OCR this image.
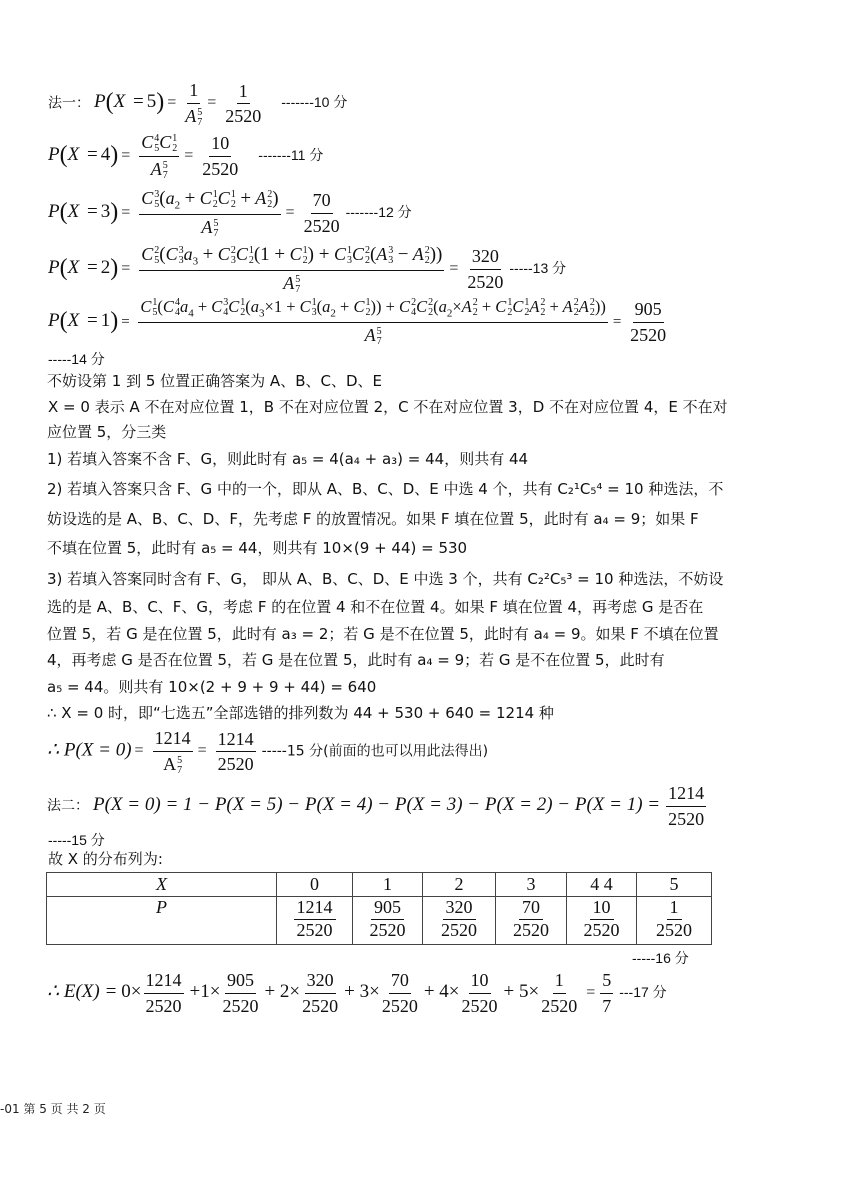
法一： P(X = 5) = 1
A 5
$7 = \frac{1}{2520} -------10$ 分
P(X = 4) = C 4
5 C 1
2
A 5
$7 = \frac{10}{2520} -------11$ 分
P(X = 3) = C 3
5 ($a_2 + C$ 1
2 C 1
2 + A 2
2 )
A 5
$7 = \frac{70}{2520} -------12$ 分
P(X = 2) = C 2
5 (C 3
3 $a_3 + C$ 2
3 C 1
2 (1 + C 1
2 ) + C 1
3 C 2
2 (A 3
3 − A 2
2 ))
A 5
$7 = \frac{320}{2520} -----13$ 分
P(X = 1) =
C 1
5 (C 4
4 $a_4 + C$ 3
4 C 1
2 ($a_3\times 1 + C$ 1
3 ($a_2 + C$ 1
2 )) + C 2
4 C 2
2 ($a_2\times A$ 2
2 + C 1
2 C 1
2 A 2
2 + A 2
2 A 2
2 ))
A 5
7
= $\frac{905}{2520}$
-----14 分
不妨设第 1 到 5 位置正确答案为 A、B、C、D、E
X = 0 表示 A 不在对应位置 1，B 不在对应位置 2，C 不在对应位置 3，D 不在对应位置 4，E 不在对
应位置 5，分三类
1) 若填入答案不含 F、G，则此时有 a₅ = 4(a₄ + a₃) = 44，则共有 44
2) 若填入答案只含 F、G 中的一个，即从 A、B、C、D、E 中选 4 个，共有 C₂¹C₅⁴ = 10 种选法，不
妨设选的是 A、B、C、D、F，先考虑 F 的放置情况。如果 F 填在位置 5，此时有 a₄ = 9；如果 F
不填在位置 5，此时有 a₅ = 44，则共有 10×(9 + 44) = 530
3) 若填入答案同时含有 F、G， 即从 A、B、C、D、E 中选 3 个，共有 C₂²C₅³ = 10 种选法，不妨设
选的是 A、B、C、F、G，考虑 F 的在位置 4 和不在位置 4。如果 F 填在位置 4，再考虑 G 是否在
位置 5，若 G 是在位置 5，此时有 a₃ = 2；若 G 是不在位置 5，此时有 a₄ = 9。如果 F 不填在位置
4，再考虑 G 是否在位置 5，若 G 是在位置 5，此时有 a₄ = 9；若 G 是不在位置 5，此时有
a₅ = 44。则共有 10×(2 + 9 + 9 + 44) = 640
∴ X = 0 时，即“七选五”全部选错的排列数为 44 + 530 + 640 = 1214 种
∴ P(X = 0) = 1214
A 5
$7 = \frac{1214}{2520} -----15$ 分(前面的也可以用此法得出)
法二： $P(X = 0) = 1 - P(X = 5) - P(X = 4) - P(X = 3) - P(X = 2) - P(X = 1) = \frac{1214}{2520}$
-----15 分
故 X 的分布列为:
X	0	1	2	3	4 4	5
P	$\frac{1214}{2520}$	$\frac{905}{2520}$	$\frac{320}{2520}$	$\frac{70}{2520}$	$\frac{10}{2520}$	$\frac{1}{2520}$
-----16 分
∴ $E(X) = 0\times \frac{1214}{2520} +1\times \frac{905}{2520} + 2\times \frac{320}{2520} + 3\times \frac{70}{2520} + 4\times \frac{10}{2520} + 5\times \frac{1}{2520} = \frac{5}{7} ---17$ 分
-01 第 5 页 共 2 页
